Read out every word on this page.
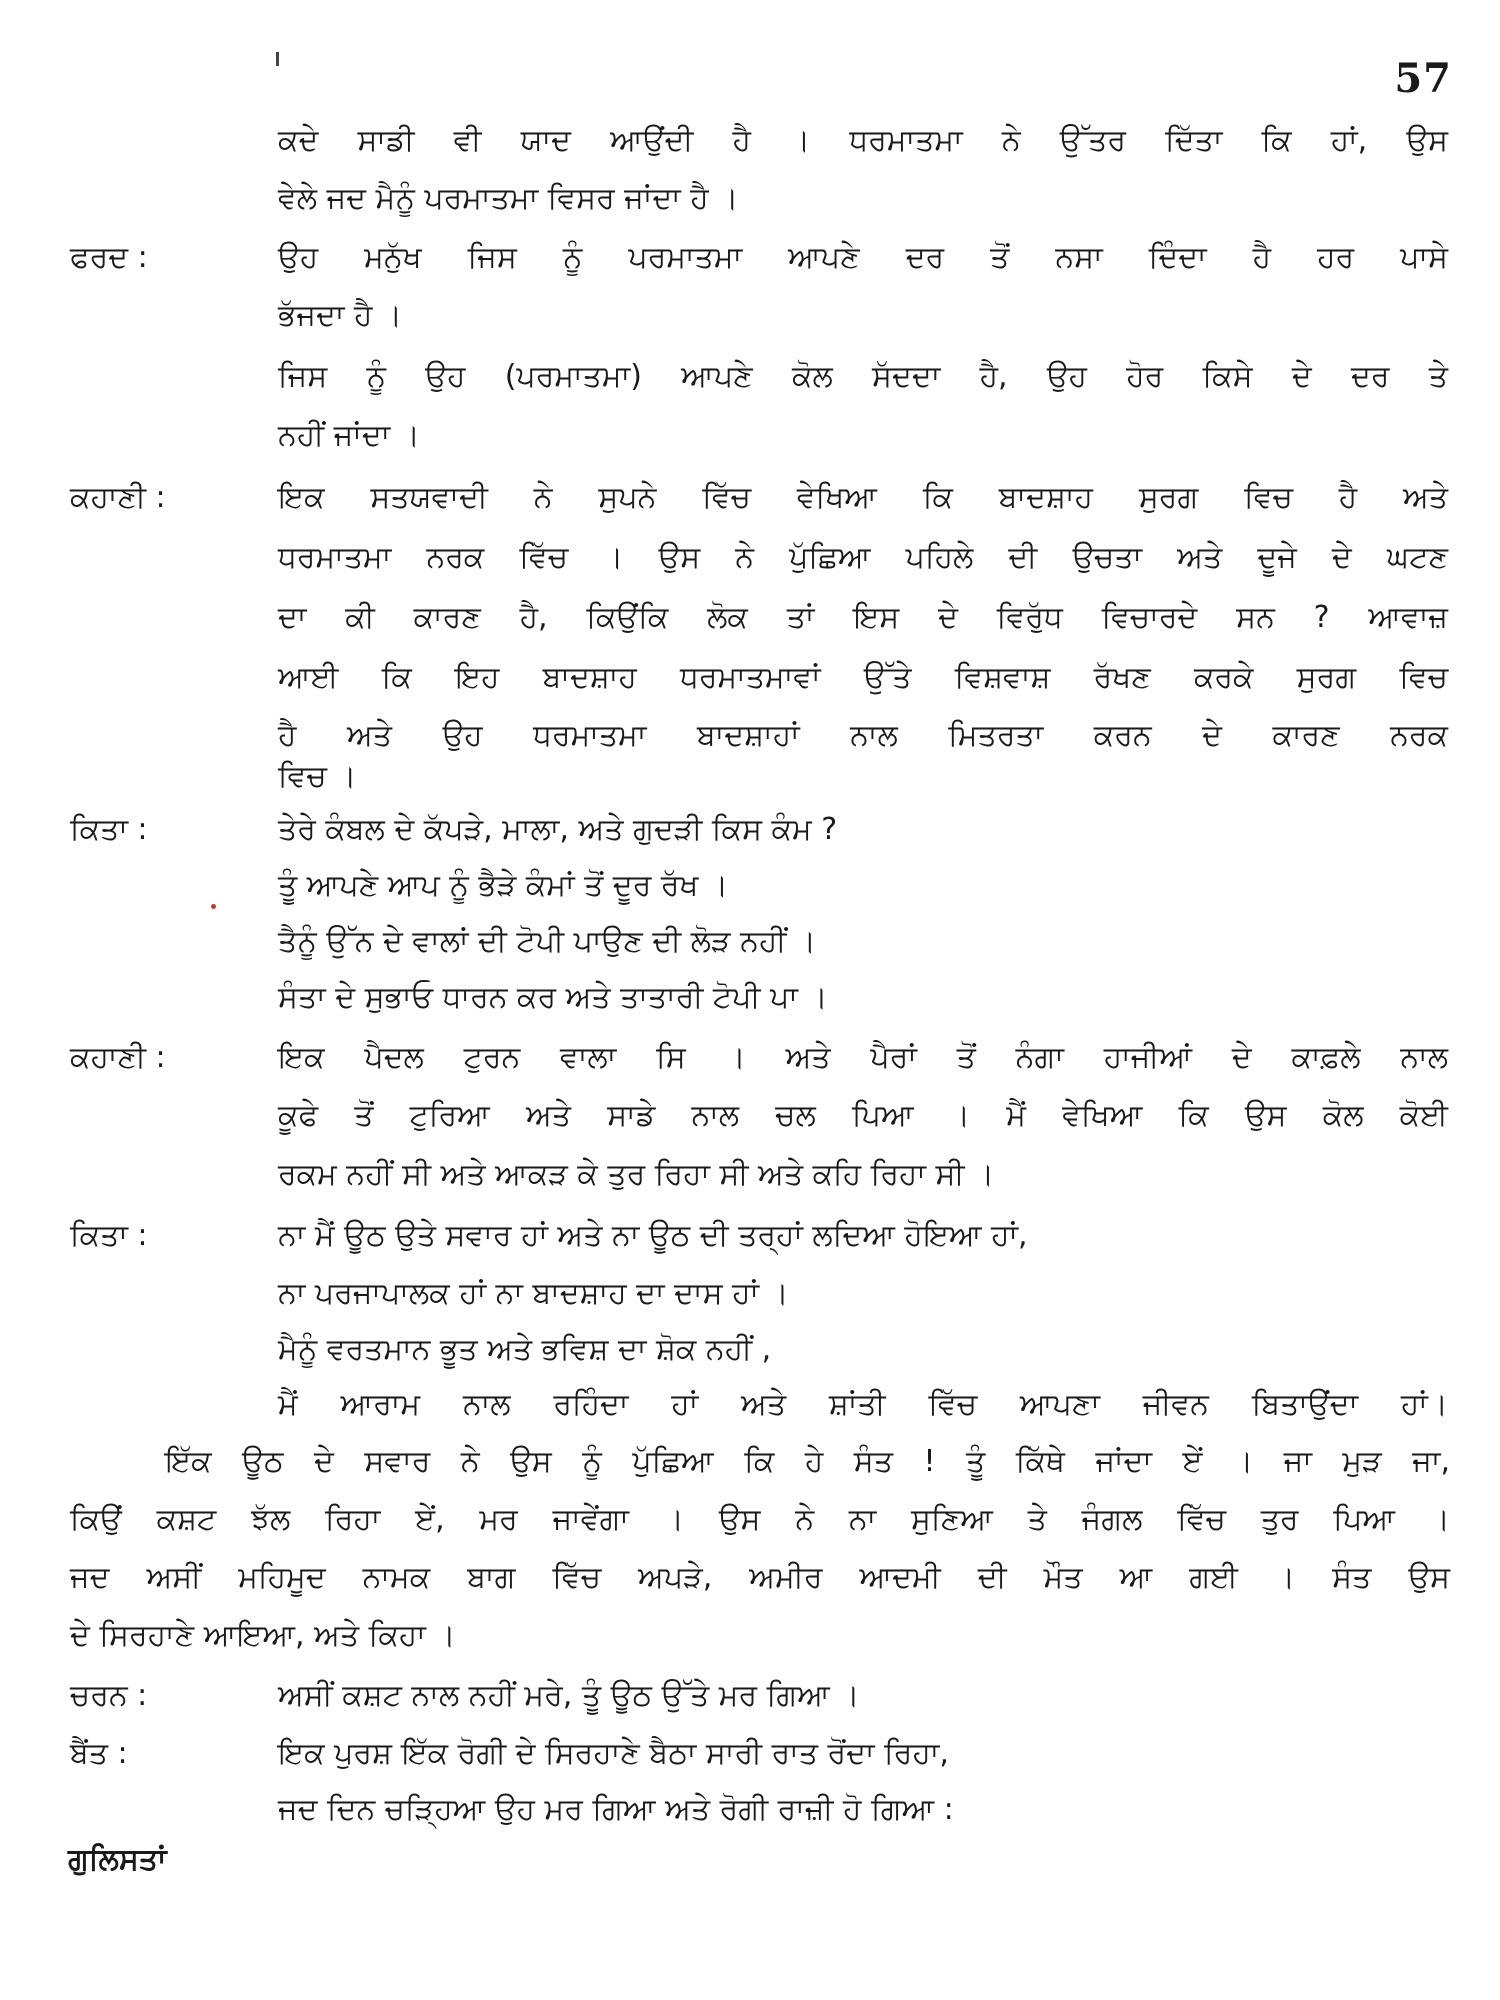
57
ਕਦੇ ਸਾਡੀ ਵੀ ਯਾਦ ਆਉਂਦੀ ਹੈ । ਧਰਮਾਤਮਾ ਨੇ ਉੱਤਰ ਦਿੱਤਾ ਕਿ ਹਾਂ, ਉਸ
ਵੇਲੇ ਜਦ ਮੈਨੂੰ ਪਰਮਾਤਮਾ ਵਿਸਰ ਜਾਂਦਾ ਹੈ ।
ਫਰਦ :	ਉਹ ਮਨੁੱਖ ਜਿਸ ਨੂੰ ਪਰਮਾਤਮਾ ਆਪਣੇ ਦਰ ਤੋਂ ਨਸਾ ਦਿੰਦਾ ਹੈ ਹਰ ਪਾਸੇ
ਭੱਜਦਾ ਹੈ ।
ਜਿਸ ਨੂੰ ਉਹ (ਪਰਮਾਤਮਾ) ਆਪਣੇ ਕੋਲ ਸੱਦਦਾ ਹੈ, ਉਹ ਹੋਰ ਕਿਸੇ ਦੇ ਦਰ ਤੇ
ਨਹੀਂ ਜਾਂਦਾ ।
ਕਹਾਣੀ :	ਇਕ ਸਤਯਵਾਦੀ ਨੇ ਸੁਪਨੇ ਵਿੱਚ ਵੇਖਿਆ ਕਿ ਬਾਦਸ਼ਾਹ ਸੁਰਗ ਵਿਚ ਹੈ ਅਤੇ
ਧਰਮਾਤਮਾ ਨਰਕ ਵਿੱਚ । ਉਸ ਨੇ ਪੁੱਛਿਆ ਪਹਿਲੇ ਦੀ ਉਚਤਾ ਅਤੇ ਦੂਜੇ ਦੇ ਘਟਣ
ਦਾ ਕੀ ਕਾਰਣ ਹੈ, ਕਿਉਂਕਿ ਲੋਕ ਤਾਂ ਇਸ ਦੇ ਵਿਰੁੱਧ ਵਿਚਾਰਦੇ ਸਨ ? ਆਵਾਜ਼
ਆਈ ਕਿ ਇਹ ਬਾਦਸ਼ਾਹ ਧਰਮਾਤਮਾਵਾਂ ਉੱਤੇ ਵਿਸ਼ਵਾਸ਼ ਰੱਖਣ ਕਰਕੇ ਸੁਰਗ ਵਿਚ
ਹੈ ਅਤੇ ਉਹ ਧਰਮਾਤਮਾ ਬਾਦਸ਼ਾਹਾਂ ਨਾਲ ਮਿਤਰਤਾ ਕਰਨ ਦੇ ਕਾਰਣ ਨਰਕ
ਵਿਚ ।
ਕਿਤਾ :	ਤੇਰੇ ਕੰਬਲ ਦੇ ਕੱਪੜੇ, ਮਾਲਾ, ਅਤੇ ਗੁਦੜੀ ਕਿਸ ਕੰਮ ?
ਤੂੰ ਆਪਣੇ ਆਪ ਨੂੰ ਭੈੜੇ ਕੰਮਾਂ ਤੋਂ ਦੂਰ ਰੱਖ ।
ਤੈਨੂੰ ਉੱਨ ਦੇ ਵਾਲਾਂ ਦੀ ਟੋਪੀ ਪਾਉਣ ਦੀ ਲੋੜ ਨਹੀਂ ।
ਸੰਤਾ ਦੇ ਸੁਭਾਓ ਧਾਰਨ ਕਰ ਅਤੇ ਤਾਤਾਰੀ ਟੋਪੀ ਪਾ ।
ਕਹਾਣੀ :	ਇਕ ਪੈਦਲ ਟੁਰਨ ਵਾਲਾ ਸਿ । ਅਤੇ ਪੈਰਾਂ ਤੋਂ ਨੰਗਾ ਹਾਜੀਆਂ ਦੇ ਕਾਫ਼ਲੇ ਨਾਲ
ਕੂਫੇ ਤੋਂ ਟੁਰਿਆ ਅਤੇ ਸਾਡੇ ਨਾਲ ਚਲ ਪਿਆ । ਮੈਂ ਵੇਖਿਆ ਕਿ ਉਸ ਕੋਲ ਕੋਈ
ਰਕਮ ਨਹੀਂ ਸੀ ਅਤੇ ਆਕੜ ਕੇ ਤੁਰ ਰਿਹਾ ਸੀ ਅਤੇ ਕਹਿ ਰਿਹਾ ਸੀ ।
ਕਿਤਾ :	ਨਾ ਮੈਂ ਊਠ ਉਤੇ ਸਵਾਰ ਹਾਂ ਅਤੇ ਨਾ ਊਠ ਦੀ ਤਰ੍ਹਾਂ ਲਦਿਆ ਹੋਇਆ ਹਾਂ,
ਨਾ ਪਰਜਾਪਾਲਕ ਹਾਂ ਨਾ ਬਾਦਸ਼ਾਹ ਦਾ ਦਾਸ ਹਾਂ ।
ਮੈਨੂੰ ਵਰਤਮਾਨ ਭੂਤ ਅਤੇ ਭਵਿਸ਼ ਦਾ ਸ਼ੋਕ ਨਹੀਂ ,
ਮੈਂ ਆਰਾਮ ਨਾਲ ਰਹਿੰਦਾ ਹਾਂ ਅਤੇ ਸ਼ਾਂਤੀ ਵਿੱਚ ਆਪਣਾ ਜੀਵਨ ਬਿਤਾਉਂਦਾ ਹਾਂ।
ਇੱਕ ਊਠ ਦੇ ਸਵਾਰ ਨੇ ਉਸ ਨੂੰ ਪੁੱਛਿਆ ਕਿ ਹੇ ਸੰਤ ! ਤੂੰ ਕਿੱਥੇ ਜਾਂਦਾ ਏਂ । ਜਾ ਮੁੜ ਜਾ,
ਕਿਉਂ ਕਸ਼ਟ ਝੱਲ ਰਿਹਾ ਏਂ, ਮਰ ਜਾਵੇਂਗਾ । ਉਸ ਨੇ ਨਾ ਸੁਣਿਆ ਤੇ ਜੰਗਲ ਵਿੱਚ ਤੁਰ ਪਿਆ ।
ਜਦ ਅਸੀਂ ਮਹਿਮੂਦ ਨਾਮਕ ਬਾਗ ਵਿੱਚ ਅਪੜੇ, ਅਮੀਰ ਆਦਮੀ ਦੀ ਮੌਤ ਆ ਗਈ । ਸੰਤ ਉਸ
ਦੇ ਸਿਰਹਾਣੇ ਆਇਆ, ਅਤੇ ਕਿਹਾ ।
ਚਰਨ :	ਅਸੀਂ ਕਸ਼ਟ ਨਾਲ ਨਹੀਂ ਮਰੇ, ਤੂੰ ਊਠ ਉੱਤੇ ਮਰ ਗਿਆ ।
ਬੈਂਤ :	ਇਕ ਪੁਰਸ਼ ਇੱਕ ਰੋਗੀ ਦੇ ਸਿਰਹਾਣੇ ਬੈਠਾ ਸਾਰੀ ਰਾਤ ਰੋਂਦਾ ਰਿਹਾ,
ਜਦ ਦਿਨ ਚੜ੍ਹਿਆ ਉਹ ਮਰ ਗਿਆ ਅਤੇ ਰੋਗੀ ਰਾਜ਼ੀ ਹੋ ਗਿਆ :
ਗੁਲਿਸਤਾਂ
